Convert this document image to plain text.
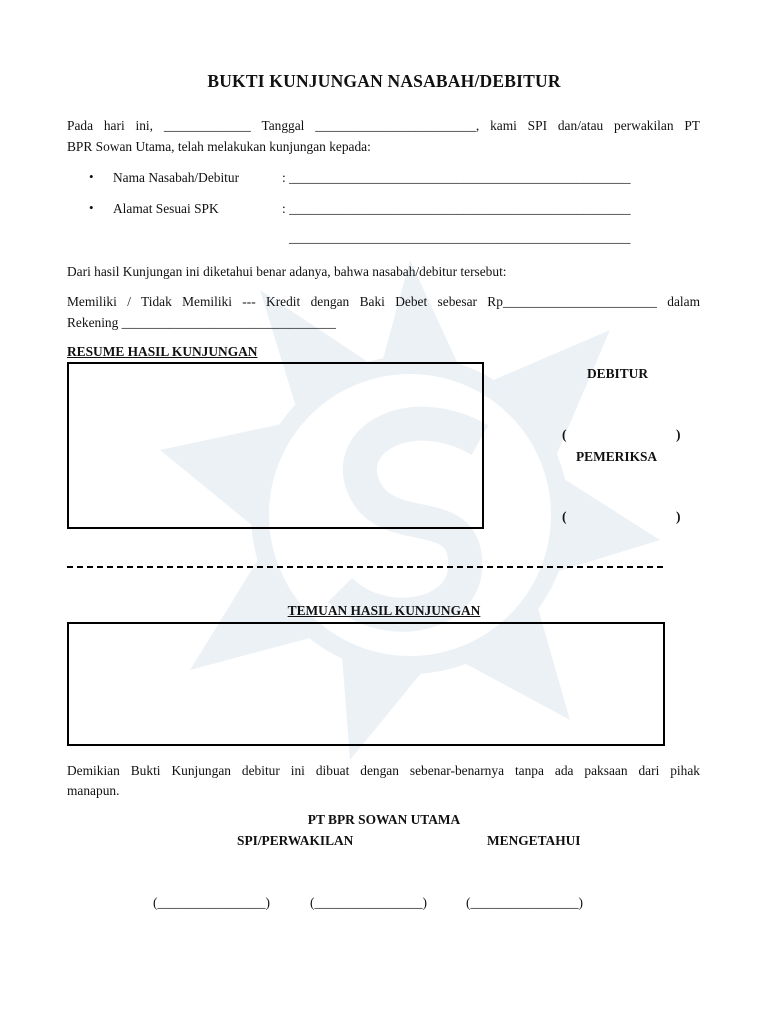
BUKTI KUNJUNGAN NASABAH/DEBITUR
Pada hari ini, _____________ Tanggal ________________________, kami SPI dan/atau perwakilan PT
BPR Sowan Utama, telah melakukan kunjungan kepada:
• Nama Nasabah/Debitur	: ___________________________________________________
• Alamat Sesuai SPK	: ___________________________________________________
___________________________________________________
Dari hasil Kunjungan ini diketahui benar adanya, bahwa nasabah/debitur tersebut:
Memiliki / Tidak Memiliki --- Kredit dengan Baki Debet sebesar Rp_______________________ dalam
Rekening ________________________________
RESUME HASIL KUNJUNGAN
DEBITUR
(	)
PEMERIKSA
(	)
TEMUAN HASIL KUNJUNGAN
Demikian Bukti Kunjungan debitur ini dibuat dengan sebenar-benarnya tanpa ada paksaan dari pihak
manapun.
PT BPR SOWAN UTAMA
SPI/PERWAKILAN	MENGETAHUI
(________________)	(________________)	(________________)
